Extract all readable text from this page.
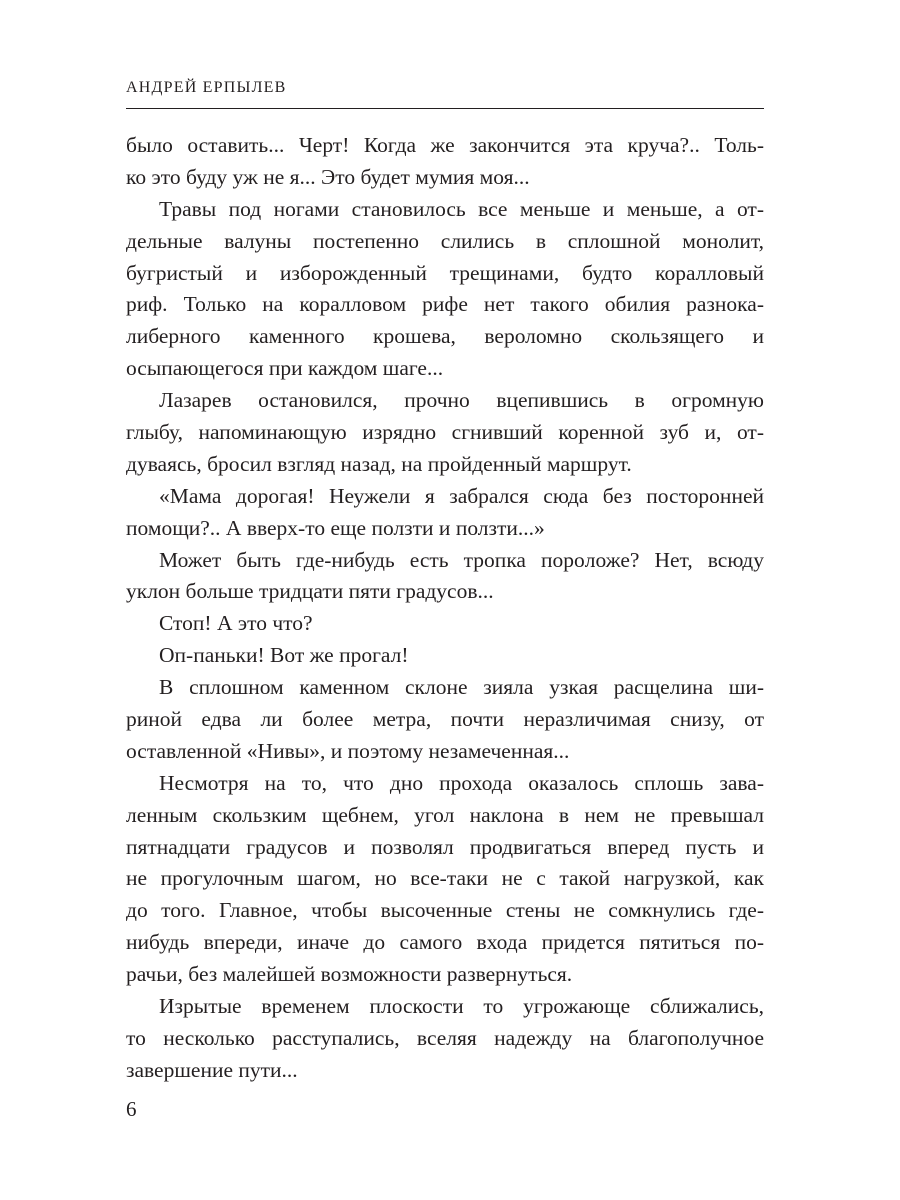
АНДРЕЙ ЕРПЫЛЕВ
было оставить... Черт! Когда же закончится эта круча?.. Толь-
ко это буду уж не я... Это будет мумия моя...
Травы под ногами становилось все меньше и меньше, а от-
дельные валуны постепенно слились в сплошной монолит,
бугристый и изборожденный трещинами, будто коралловый
риф. Только на коралловом рифе нет такого обилия разнока-
либерного каменного крошева, вероломно скользящего и
осыпающегося при каждом шаге...
Лазарев остановился, прочно вцепившись в огромную
глыбу, напоминающую изрядно сгнивший коренной зуб и, от-
дуваясь, бросил взгляд назад, на пройденный маршрут.
«Мама дорогая! Неужели я забрался сюда без посторонней
помощи?.. А вверх-то еще ползти и ползти...»
Может быть где-нибудь есть тропка пopoложе? Нет, всюду
уклон больше тридцати пяти градусов...
Стоп! А это что?
Оп-паньки! Вот же прогал!
В сплошном каменном склоне зияла узкая расщелина ши-
риной едва ли более метра, почти неразличимая снизу, от
оставленной «Нивы», и поэтому незамеченная...
Несмотря на то, что дно прохода оказалось сплошь зава-
ленным скользким щебнем, угол наклона в нем не превышал
пятнадцати градусов и позволял продвигаться вперед пусть и
не прогулочным шагом, но все-таки не с такой нагрузкой, как
до того. Главное, чтобы высоченные стены не сомкнулись где-
нибудь впереди, иначе до самого входа придется пятиться по-
рачьи, без малейшей возможности развернуться.
Изрытые временем плоскости то угрожающе сближались,
то несколько расступались, вселяя надежду на благополучное
завершение пути...
6
